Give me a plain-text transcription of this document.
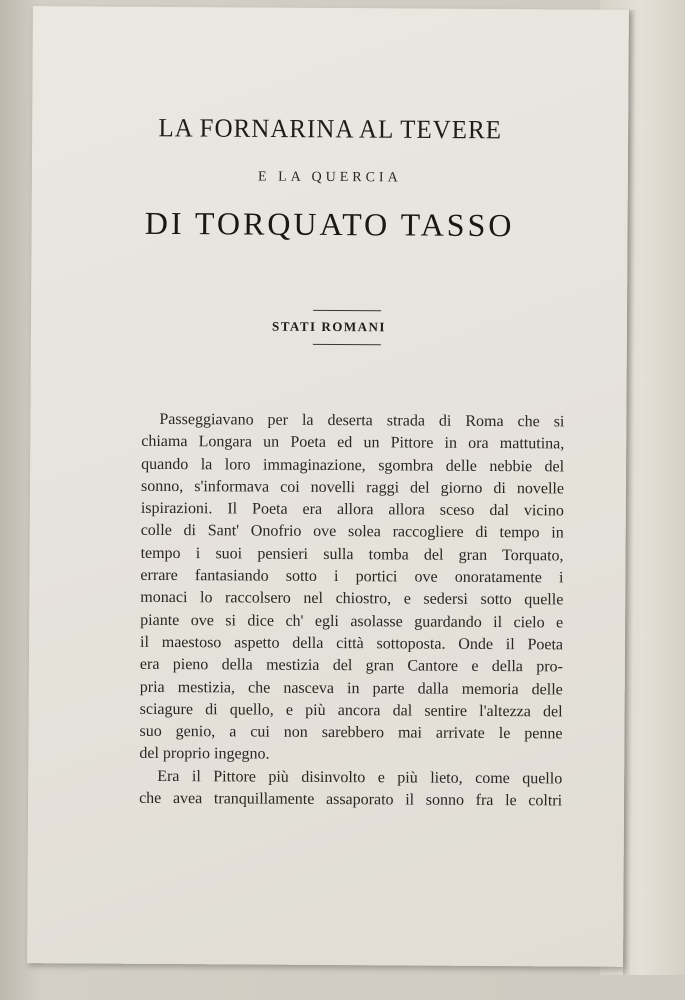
LA FORNARINA AL TEVERE
E LA QUERCIA
DI TORQUATO TASSO
STATI ROMANI
Passeggiavano per la deserta strada di Roma che si
chiama Longara un Poeta ed un Pittore in ora mattutina,
quando la loro immaginazione, sgombra delle nebbie del
sonno, s'informava coi novelli raggi del giorno di novelle
ispirazioni. Il Poeta era allora allora sceso dal vicino
colle di Sant' Onofrio ove solea raccogliere di tempo in
tempo i suoi pensieri sulla tomba del gran Torquato,
errare fantasiando sotto i portici ove onoratamente i
monaci lo raccolsero nel chiostro, e sedersi sotto quelle
piante ove si dice ch' egli asolasse guardando il cielo e
il maestoso aspetto della città sottoposta. Onde il Poeta
era pieno della mestizia del gran Cantore e della pro-
pria mestizia, che nasceva in parte dalla memoria delle
sciagure di quello, e più ancora dal sentire l'altezza del
suo genio, a cui non sarebbero mai arrivate le penne
del proprio ingegno.
Era il Pittore più disinvolto e più lieto, come quello
che avea tranquillamente assaporato il sonno fra le coltri
